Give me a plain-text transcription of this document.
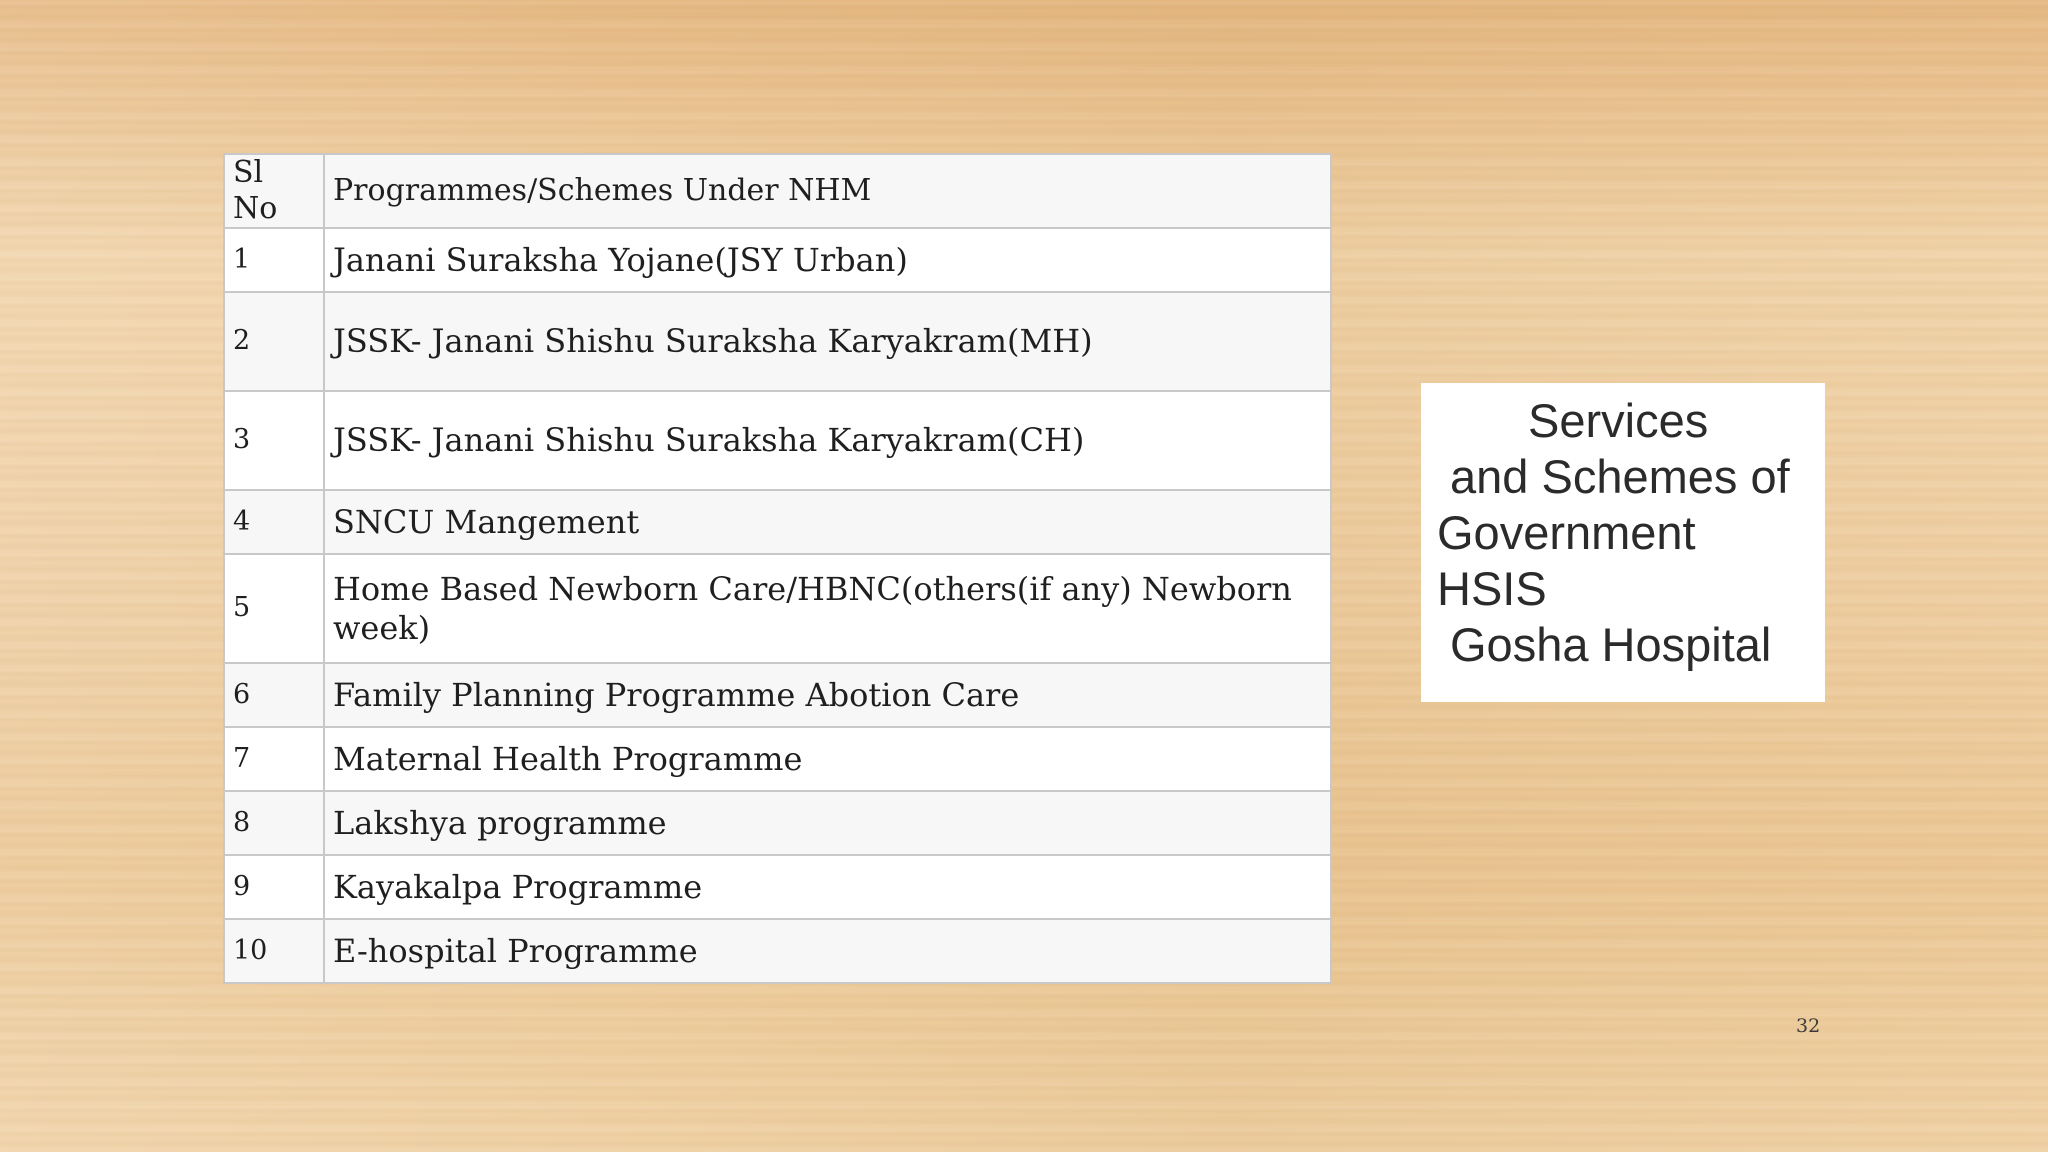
Sl No	Programmes/Schemes Under NHM
1	Janani Suraksha Yojane(JSY Urban)
2	JSSK- Janani Shishu Suraksha Karyakram(MH)
3	JSSK- Janani Shishu Suraksha Karyakram(CH)
4	SNCU Mangement
5	Home Based Newborn Care/HBNC(others(if any) Newborn week)
6	Family Planning Programme Abotion Care
7	Maternal Health Programme
8	Lakshya programme
9	Kayakalpa Programme
10	E-hospital Programme
Services
and Schemes of
Government
HSIS
Gosha Hospital
32
